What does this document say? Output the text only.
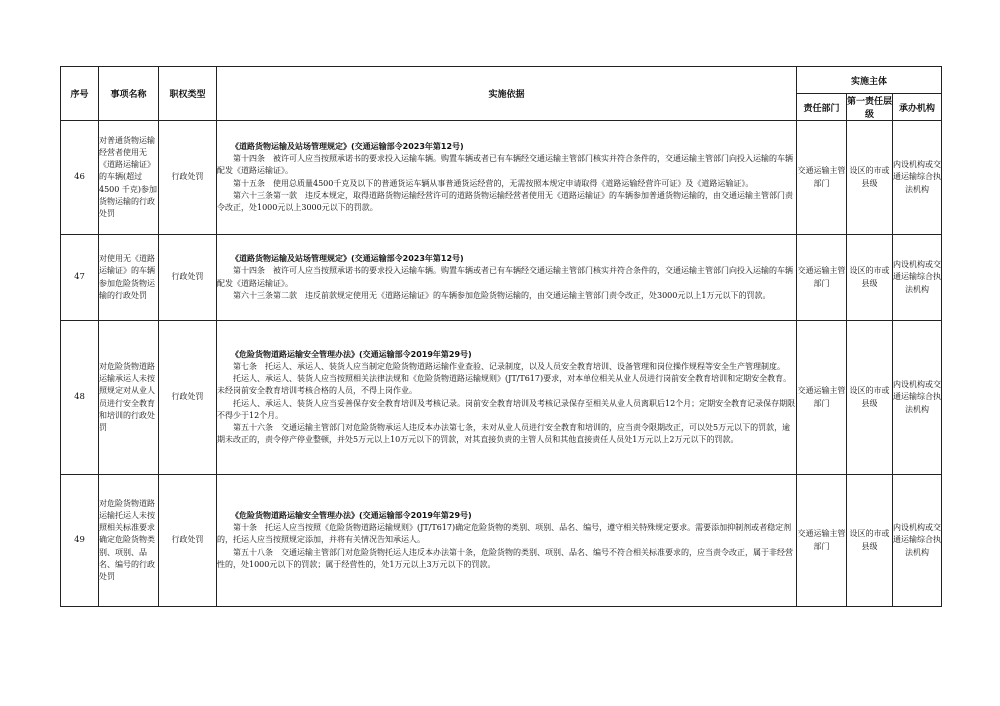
序号	事项名称	职权类型	实施依据	实施主体		
				责任部门	第一责任层级	承办机构
46	对普通货物运输经营者使用无《道路运输证》的车辆(超过 4500 千克)参加货物运输的行政处罚	行政处罚	《道路货物运输及站场管理规定》(交通运输部令2023年第12号)
第十四条　被许可人应当按照承诺书的要求投入运输车辆。购置车辆或者已有车辆经交通运输主管部门核实并符合条件的，交通运输主管部门向投入运输的车辆配发《道路运输证》。
第十五条　使用总质量4500千克及以下的普通货运车辆从事普通货运经营的，无需按照本规定申请取得《道路运输经营许可证》及《道路运输证》。
第六十三条第一款　违反本规定，取得道路货物运输经营许可的道路货物运输经营者使用无《道路运输证》的车辆参加普通货物运输的，由交通运输主管部门责令改正，处1000元以上3000元以下的罚款。	交通运输主管部门	设区的市或县级	内设机构或交通运输综合执法机构
47	对使用无《道路运输证》的车辆参加危险货物运输的行政处罚	行政处罚	《道路货物运输及站场管理规定》(交通运输部令2023年第12号)
第十四条　被许可人应当按照承诺书的要求投入运输车辆。购置车辆或者已有车辆经交通运输主管部门核实并符合条件的，交通运输主管部门向投入运输的车辆配发《道路运输证》。
第六十三条第二款　违反前款规定使用无《道路运输证》的车辆参加危险货物运输的，由交通运输主管部门责令改正，处3000元以上1万元以下的罚款。	交通运输主管部门	设区的市或县级	内设机构或交通运输综合执法机构
48	对危险货物道路运输承运人未按照规定对从业人员进行安全教育和培训的行政处罚	行政处罚	《危险货物道路运输安全管理办法》(交通运输部令2019年第29号)
第七条　托运人、承运人、装货人应当制定危险货物道路运输作业查验、记录制度，以及人员安全教育培训、设备管理和岗位操作规程等安全生产管理制度。
托运人、承运人、装货人应当按照相关法律法规和《危险货物道路运输规则》(JT/T617)要求，对本单位相关从业人员进行岗前安全教育培训和定期安全教育。未经岗前安全教育培训考核合格的人员，不得上岗作业。
托运人、承运人、装货人应当妥善保存安全教育培训及考核记录。岗前安全教育培训及考核记录保存至相关从业人员离职后12个月；定期安全教育记录保存期限不得少于12个月。
第五十六条　交通运输主管部门对危险货物承运人违反本办法第七条，未对从业人员进行安全教育和培训的，应当责令限期改正，可以处5万元以下的罚款，逾期未改正的，责令停产停业整顿，并处5万元以上10万元以下的罚款，对其直接负责的主管人员和其他直接责任人员处1万元以上2万元以下的罚款。	交通运输主管部门	设区的市或县级	内设机构或交通运输综合执法机构
49	对危险货物道路运输托运人未按照相关标准要求确定危险货物类别、项别、品名、编号的行政处罚	行政处罚	《危险货物道路运输安全管理办法》(交通运输部令2019年第29号)
第十条　托运人应当按照《危险货物道路运输规则》(JT/T617)确定危险货物的类别、项别、品名、编号，遵守相关特殊规定要求。需要添加抑制剂或者稳定剂的，托运人应当按照规定添加，并将有关情况告知承运人。
第五十八条　交通运输主管部门对危险货物托运人违反本办法第十条，危险货物的类别、项别、品名、编号不符合相关标准要求的，应当责令改正，属于非经营性的，处1000元以下的罚款；属于经营性的，处1万元以上3万元以下的罚款。	交通运输主管部门	设区的市或县级	内设机构或交通运输综合执法机构
